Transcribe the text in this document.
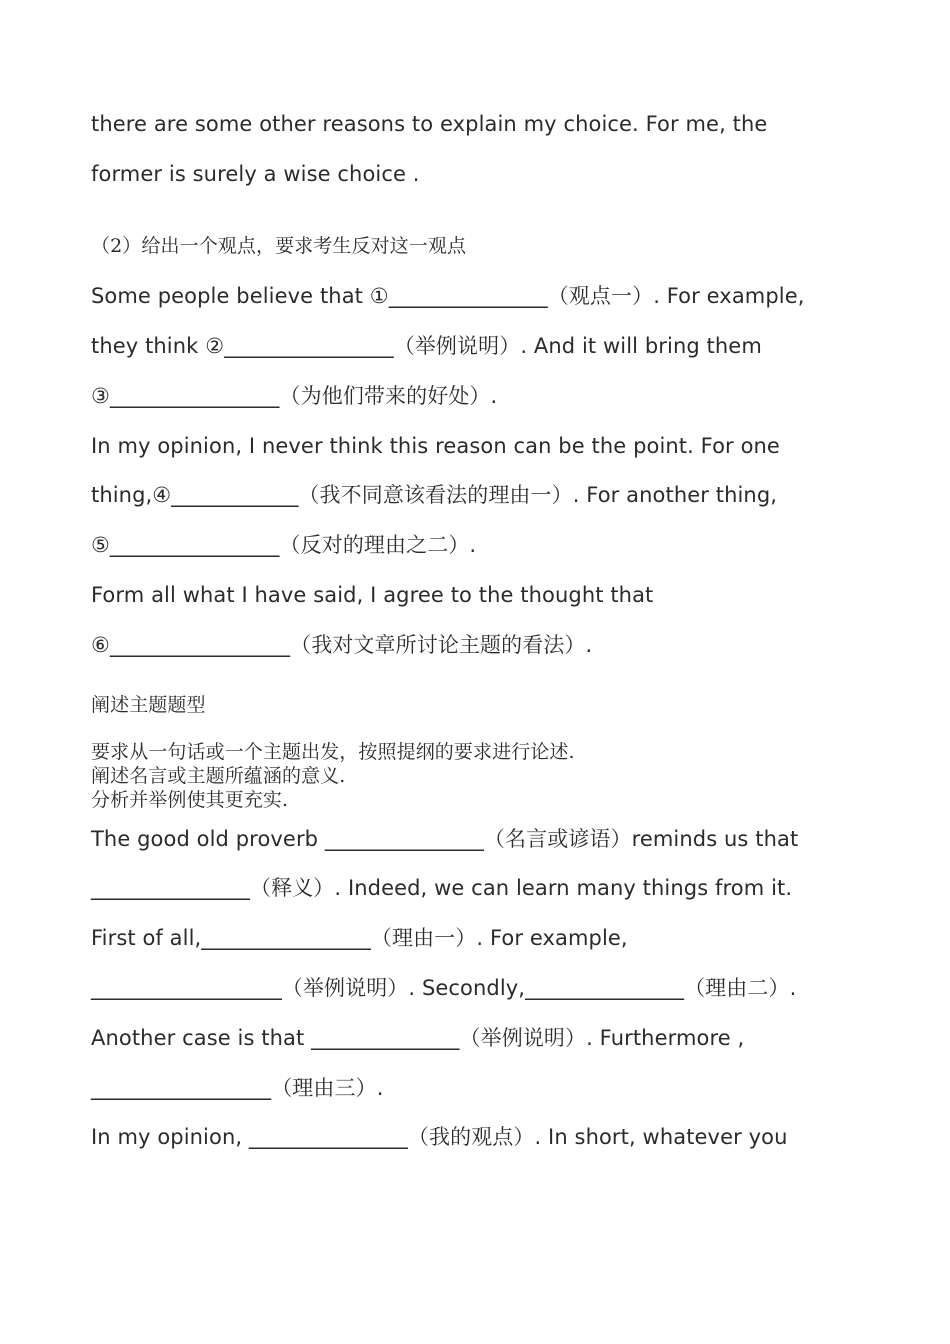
there are some other reasons to explain my choice. For me, the
former is surely a wise choice .
（2）给出一个观点，要求考生反对这一观点
Some people believe that ①_______________（观点一）. For example,
they think ②________________（举例说明）. And it will bring them
③________________（为他们带来的好处）.
In my opinion, I never think this reason can be the point. For one
thing,④____________（我不同意该看法的理由一）. For another thing,
⑤________________（反对的理由之二）.
Form all what I have said, I agree to the thought that
⑥_________________（我对文章所讨论主题的看法）.
阐述主题题型
要求从一句话或一个主题出发，按照提纲的要求进行论述.
阐述名言或主题所蕴涵的意义.
分析并举例使其更充实.
The good old proverb _______________（名言或谚语）reminds us that
_______________（释义）. Indeed, we can learn many things from it.
First of all,________________（理由一）. For example,
__________________（举例说明）. Secondly,_______________（理由二）.
Another case is that ______________（举例说明）. Furthermore ,
_________________（理由三）.
In my opinion, _______________（我的观点）. In short, whatever you
